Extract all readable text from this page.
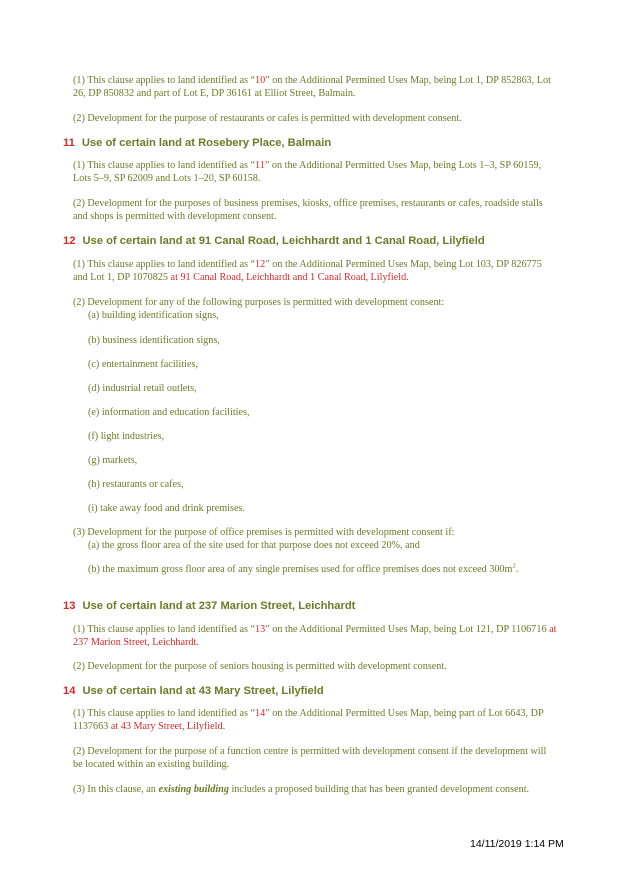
(1) This clause applies to land identified as “10” on the Additional Permitted Uses Map, being Lot 1, DP 852863, Lot 26, DP 850832 and part of Lot E, DP 36161 at Elliot Street, Balmain.
(2) Development for the purpose of restaurants or cafes is permitted with development consent.
11 Use of certain land at Rosebery Place, Balmain
(1) This clause applies to land identified as “11” on the Additional Permitted Uses Map, being Lots 1–3, SP 60159, Lots 5–9, SP 62009 and Lots 1–20, SP 60158.
(2) Development for the purposes of business premises, kiosks, office premises, restaurants or cafes, roadside stalls and shops is permitted with development consent.
12 Use of certain land at 91 Canal Road, Leichhardt and 1 Canal Road, Lilyfield
(1) This clause applies to land identified as “12” on the Additional Permitted Uses Map, being Lot 103, DP 826775 and Lot 1, DP 1070825 at 91 Canal Road, Leichhardt and 1 Canal Road, Lilyfield.
(2) Development for any of the following purposes is permitted with development consent:
(a) building identification signs,
(b) business identification signs,
(c) entertainment facilities,
(d) industrial retail outlets,
(e) information and education facilities,
(f) light industries,
(g) markets,
(h) restaurants or cafes,
(i) take away food and drink premises.
(3) Development for the purpose of office premises is permitted with development consent if:
(a) the gross floor area of the site used for that purpose does not exceed 20%, and
(b) the maximum gross floor area of any single premises used for office premises does not exceed $300m^2$.
13 Use of certain land at 237 Marion Street, Leichhardt
(1) This clause applies to land identified as “13” on the Additional Permitted Uses Map, being Lot 121, DP 1106716 at 237 Marion Street, Leichhardt.
(2) Development for the purpose of seniors housing is permitted with development consent.
14 Use of certain land at 43 Mary Street, Lilyfield
(1) This clause applies to land identified as “14” on the Additional Permitted Uses Map, being part of Lot 6643, DP 1137663 at 43 Mary Street, Lilyfield.
(2) Development for the purpose of a function centre is permitted with development consent if the development will be located within an existing building.
(3) In this clause, an existing building includes a proposed building that has been granted development consent.
14/11/2019 1:14 PM
